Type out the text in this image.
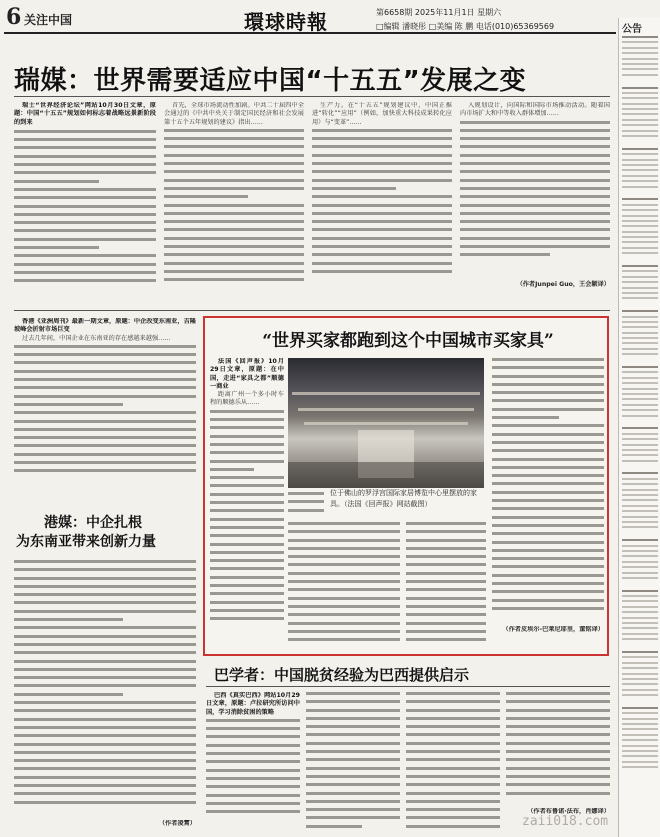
6 关注中国	環球時報	第6658期 2025年11月1日 星期六
□编辑 潘晓彤 □美编 陈 鹏 电话(010)65369569
瑞媒：世界需要适应中国“十五五”发展之变

瑞士“世界经济论坛”网站10月30日文章，原题：中国“十五五”规划如何标志着战略远景新阶段的到来

首先，全球市场流动性加剧。中共二十届四中全会通过的《中共中央关于制定国民经济和社会发展第十五个五年规划的建议》指出……

生产力。在“十五五”规划建议中，中国正推进“转化”“应用”（例如，加快重大科技成果转化应用）与“变革”……

入规划设计，向国际和国际市场推动活动。随着国内市场扩大和中等收入群体增加……

（作者Junpei Guo，王会颖译）

香港《亚洲周刊》最新一期文章，原题：中企改变东南亚，吉隆坡峰会折射市场巨变

过去几年间，中国企业在东南亚的存在感越来越强……

港媒：中企扎根
为东南亚带来创新力量
（作者凌霄）
“世界买家都跑到这个中国城市买家具”

法国《回声报》10月29日文章，原题：在中国，走进“家具之都”顺德一商业

距离广州一个多小时车程的顺德乐从……

位于佛山的罗浮宫国际家居博览中心里摆放的家具。（法国《回声报》网站截图）
（作者皮埃尔-巴莱尼耶里，董铭译）
巴学者：中国脱贫经验为巴西提供启示

巴西《真实巴西》网站10月29日文章，原题：卢拉研究所访问中国，学习消除贫困的策略

（作者布鲁诺·法布，肖娜译）
公告
zaii018.com
